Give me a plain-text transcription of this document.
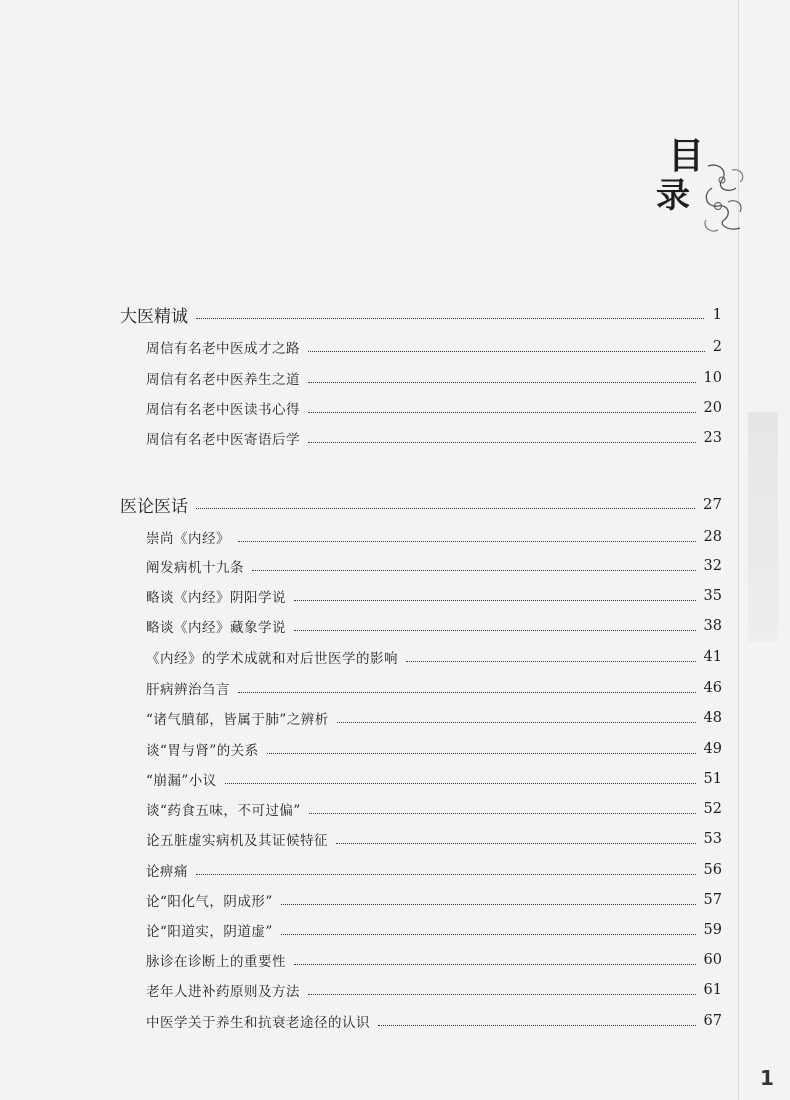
目
录
大医精诚	1
周信有名老中医成才之路	2
周信有名老中医养生之道	10
周信有名老中医读书心得	20
周信有名老中医寄语后学	23
医论医话	27
崇尚《内经》	28
阐发病机十九条	32
略谈《内经》阴阳学说	35
略谈《内经》藏象学说	38
《内经》的学术成就和对后世医学的影响	41
肝病辨治刍言	46
“诸气膹郁，皆属于肺”之辨析	48
谈“胃与肾”的关系	49
“崩漏”小议	51
谈“药食五味，不可过偏”	52
论五脏虚实病机及其证候特征	53
论痹痛	56
论“阳化气，阴成形”	57
论“阳道实，阴道虚”	59
脉诊在诊断上的重要性	60
老年人进补药原则及方法	61
中医学关于养生和抗衰老途径的认识	67
1
